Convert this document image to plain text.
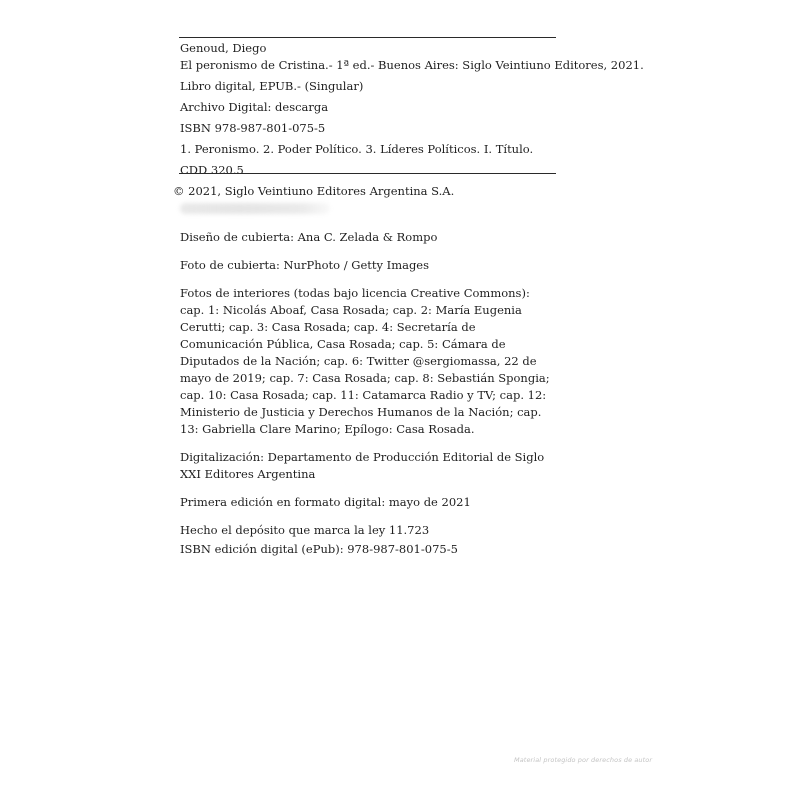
Genoud, Diego
El peronismo de Cristina.- 1ª ed.- Buenos Aires: Siglo Veintiuno Editores, 2021.
Libro digital, EPUB.- (Singular)
Archivo Digital: descarga
ISBN 978-987-801-075-5
1. Peronismo. 2. Poder Político. 3. Líderes Políticos. I. Título.
CDD 320.5
© 2021, Siglo Veintiuno Editores Argentina S.A.

Diseño de cubierta: Ana C. Zelada & Rompo

Foto de cubierta: NurPhoto / Getty Images

Fotos de interiores (todas bajo licencia Creative Commons): cap. 1: Nicolás Aboaf, Casa Rosada; cap. 2: María Eugenia Cerutti; cap. 3: Casa Rosada; cap. 4: Secretaría de Comunicación Pública, Casa Rosada; cap. 5: Cámara de Diputados de la Nación; cap. 6: Twitter @sergiomassa, 22 de mayo de 2019; cap. 7: Casa Rosada; cap. 8: Sebastián Spongia; cap. 10: Casa Rosada; cap. 11: Catamarca Radio y TV; cap. 12: Ministerio de Justicia y Derechos Humanos de la Nación; cap. 13: Gabriella Clare Marino; Epílogo: Casa Rosada.

Digitalización: Departamento de Producción Editorial de Siglo XXI Editores Argentina

Primera edición en formato digital: mayo de 2021

Hecho el depósito que marca la ley 11.723

ISBN edición digital (ePub): 978-987-801-075-5

Material protegido por derechos de autor
